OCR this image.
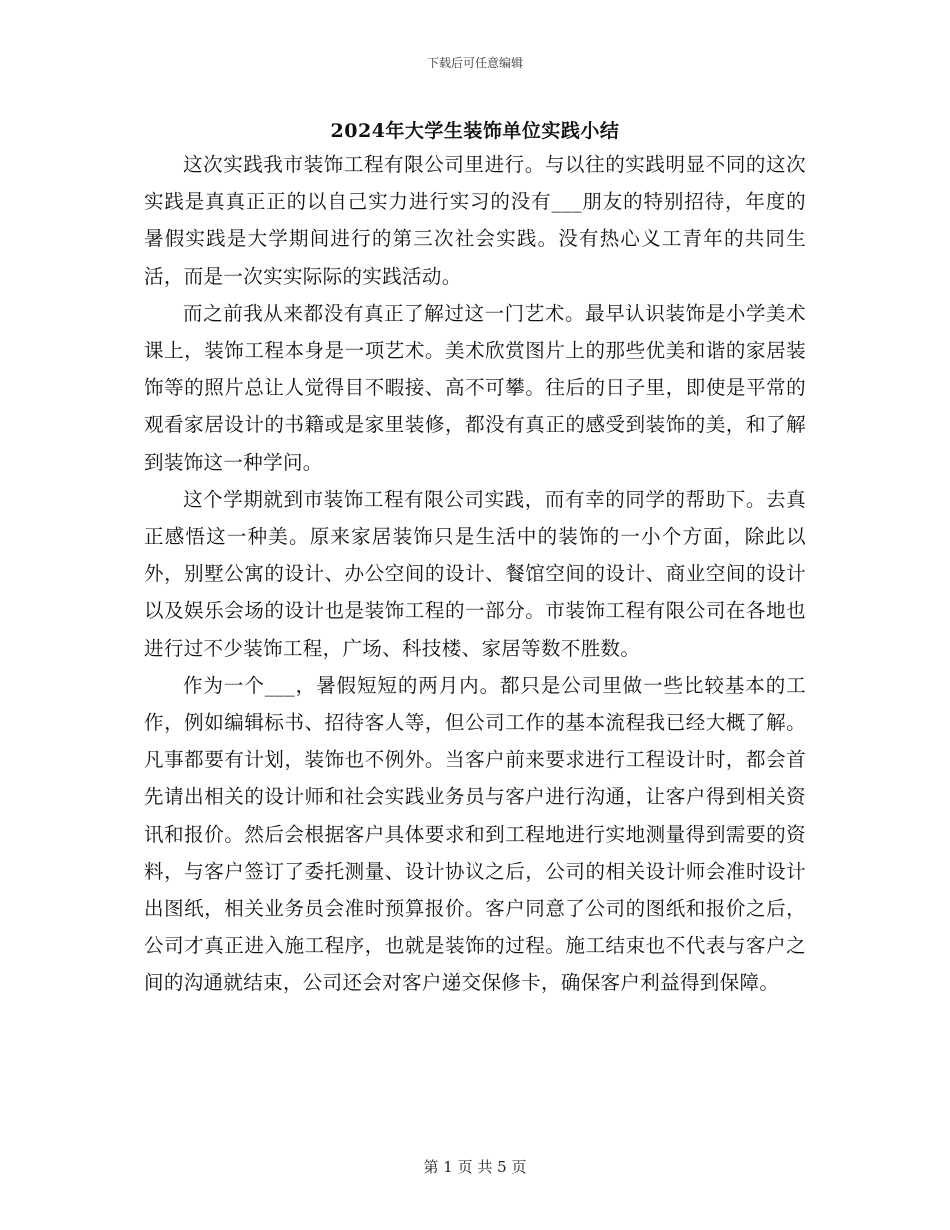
下载后可任意编辑
2024年大学生装饰单位实践小结

这次实践我市装饰工程有限公司里进行。与以往的实践明显不同的这次实践是真真正正的以自己实力进行实习的没有___朋友的特别招待，年度的暑假实践是大学期间进行的第三次社会实践。没有热心义工青年的共同生活，而是一次实实际际的实践活动。

而之前我从来都没有真正了解过这一门艺术。最早认识装饰是小学美术课上，装饰工程本身是一项艺术。美术欣赏图片上的那些优美和谐的家居装饰等的照片总让人觉得目不暇接、高不可攀。往后的日子里，即使是平常的观看家居设计的书籍或是家里装修，都没有真正的感受到装饰的美，和了解到装饰这一种学问。

这个学期就到市装饰工程有限公司实践，而有幸的同学的帮助下。去真正感悟这一种美。原来家居装饰只是生活中的装饰的一小个方面，除此以外，别墅公寓的设计、办公空间的设计、餐馆空间的设计、商业空间的设计以及娱乐会场的设计也是装饰工程的一部分。市装饰工程有限公司在各地也进行过不少装饰工程，广场、科技楼、家居等数不胜数。

作为一个___，暑假短短的两月内。都只是公司里做一些比较基本的工作，例如编辑标书、招待客人等，但公司工作的基本流程我已经大概了解。凡事都要有计划，装饰也不例外。当客户前来要求进行工程设计时，都会首先请出相关的设计师和社会实践业务员与客户进行沟通，让客户得到相关资讯和报价。然后会根据客户具体要求和到工程地进行实地测量得到需要的资料，与客户签订了委托测量、设计协议之后，公司的相关设计师会准时设计出图纸，相关业务员会准时预算报价。客户同意了公司的图纸和报价之后，公司才真正进入施工程序，也就是装饰的过程。施工结束也不代表与客户之间的沟通就结束，公司还会对客户递交保修卡，确保客户利益得到保障。

第 1 页 共 5 页
